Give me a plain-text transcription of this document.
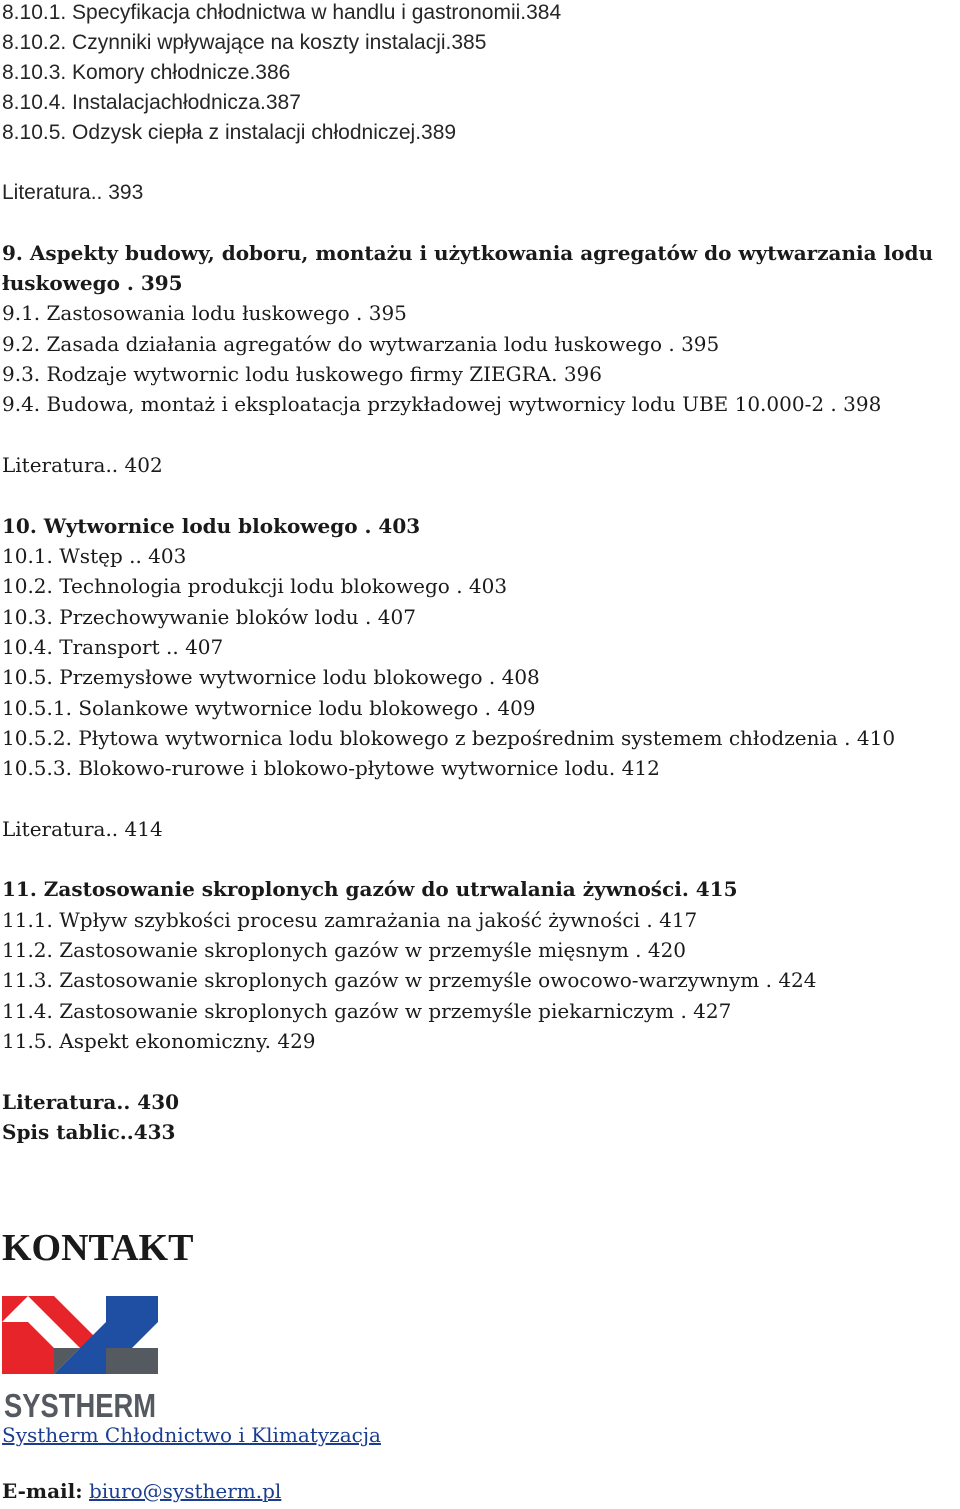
8.10.1. Specyfikacja chłodnictwa w handlu i gastronomii.384
8.10.2. Czynniki wpływające na koszty instalacji.385
8.10.3. Komory chłodnicze.386
8.10.4. Instalacjachłodnicza.387
8.10.5. Odzysk ciepła z instalacji chłodniczej.389
Literatura.. 393
9. Aspekty budowy, doboru, montażu i użytkowania agregatów do wytwarzania lodu
łuskowego . 395
9.1. Zastosowania lodu łuskowego . 395
9.2. Zasada działania agregatów do wytwarzania lodu łuskowego . 395
9.3. Rodzaje wytwornic lodu łuskowego firmy ZIEGRA. 396
9.4. Budowa, montaż i eksploatacja przykładowej wytwornicy lodu UBE 10.000-2 . 398
Literatura.. 402
10. Wytwornice lodu blokowego . 403
10.1. Wstęp .. 403
10.2. Technologia produkcji lodu blokowego . 403
10.3. Przechowywanie bloków lodu . 407
10.4. Transport .. 407
10.5. Przemysłowe wytwornice lodu blokowego . 408
10.5.1. Solankowe wytwornice lodu blokowego . 409
10.5.2. Płytowa wytwornica lodu blokowego z bezpośrednim systemem chłodzenia . 410
10.5.3. Blokowo-rurowe i blokowo-płytowe wytwornice lodu. 412
Literatura.. 414
11. Zastosowanie skroplonych gazów do utrwalania żywności. 415
11.1. Wpływ szybkości procesu zamrażania na jakość żywności . 417
11.2. Zastosowanie skroplonych gazów w przemyśle mięsnym . 420
11.3. Zastosowanie skroplonych gazów w przemyśle owocowo-warzywnym . 424
11.4. Zastosowanie skroplonych gazów w przemyśle piekarniczym . 427
11.5. Aspekt ekonomiczny. 429
Literatura.. 430
Spis tablic..433
KONTAKT
SYSTHERM
Systherm Chłodnictwo i Klimatyzacja
E-mail: biuro@systherm.pl
